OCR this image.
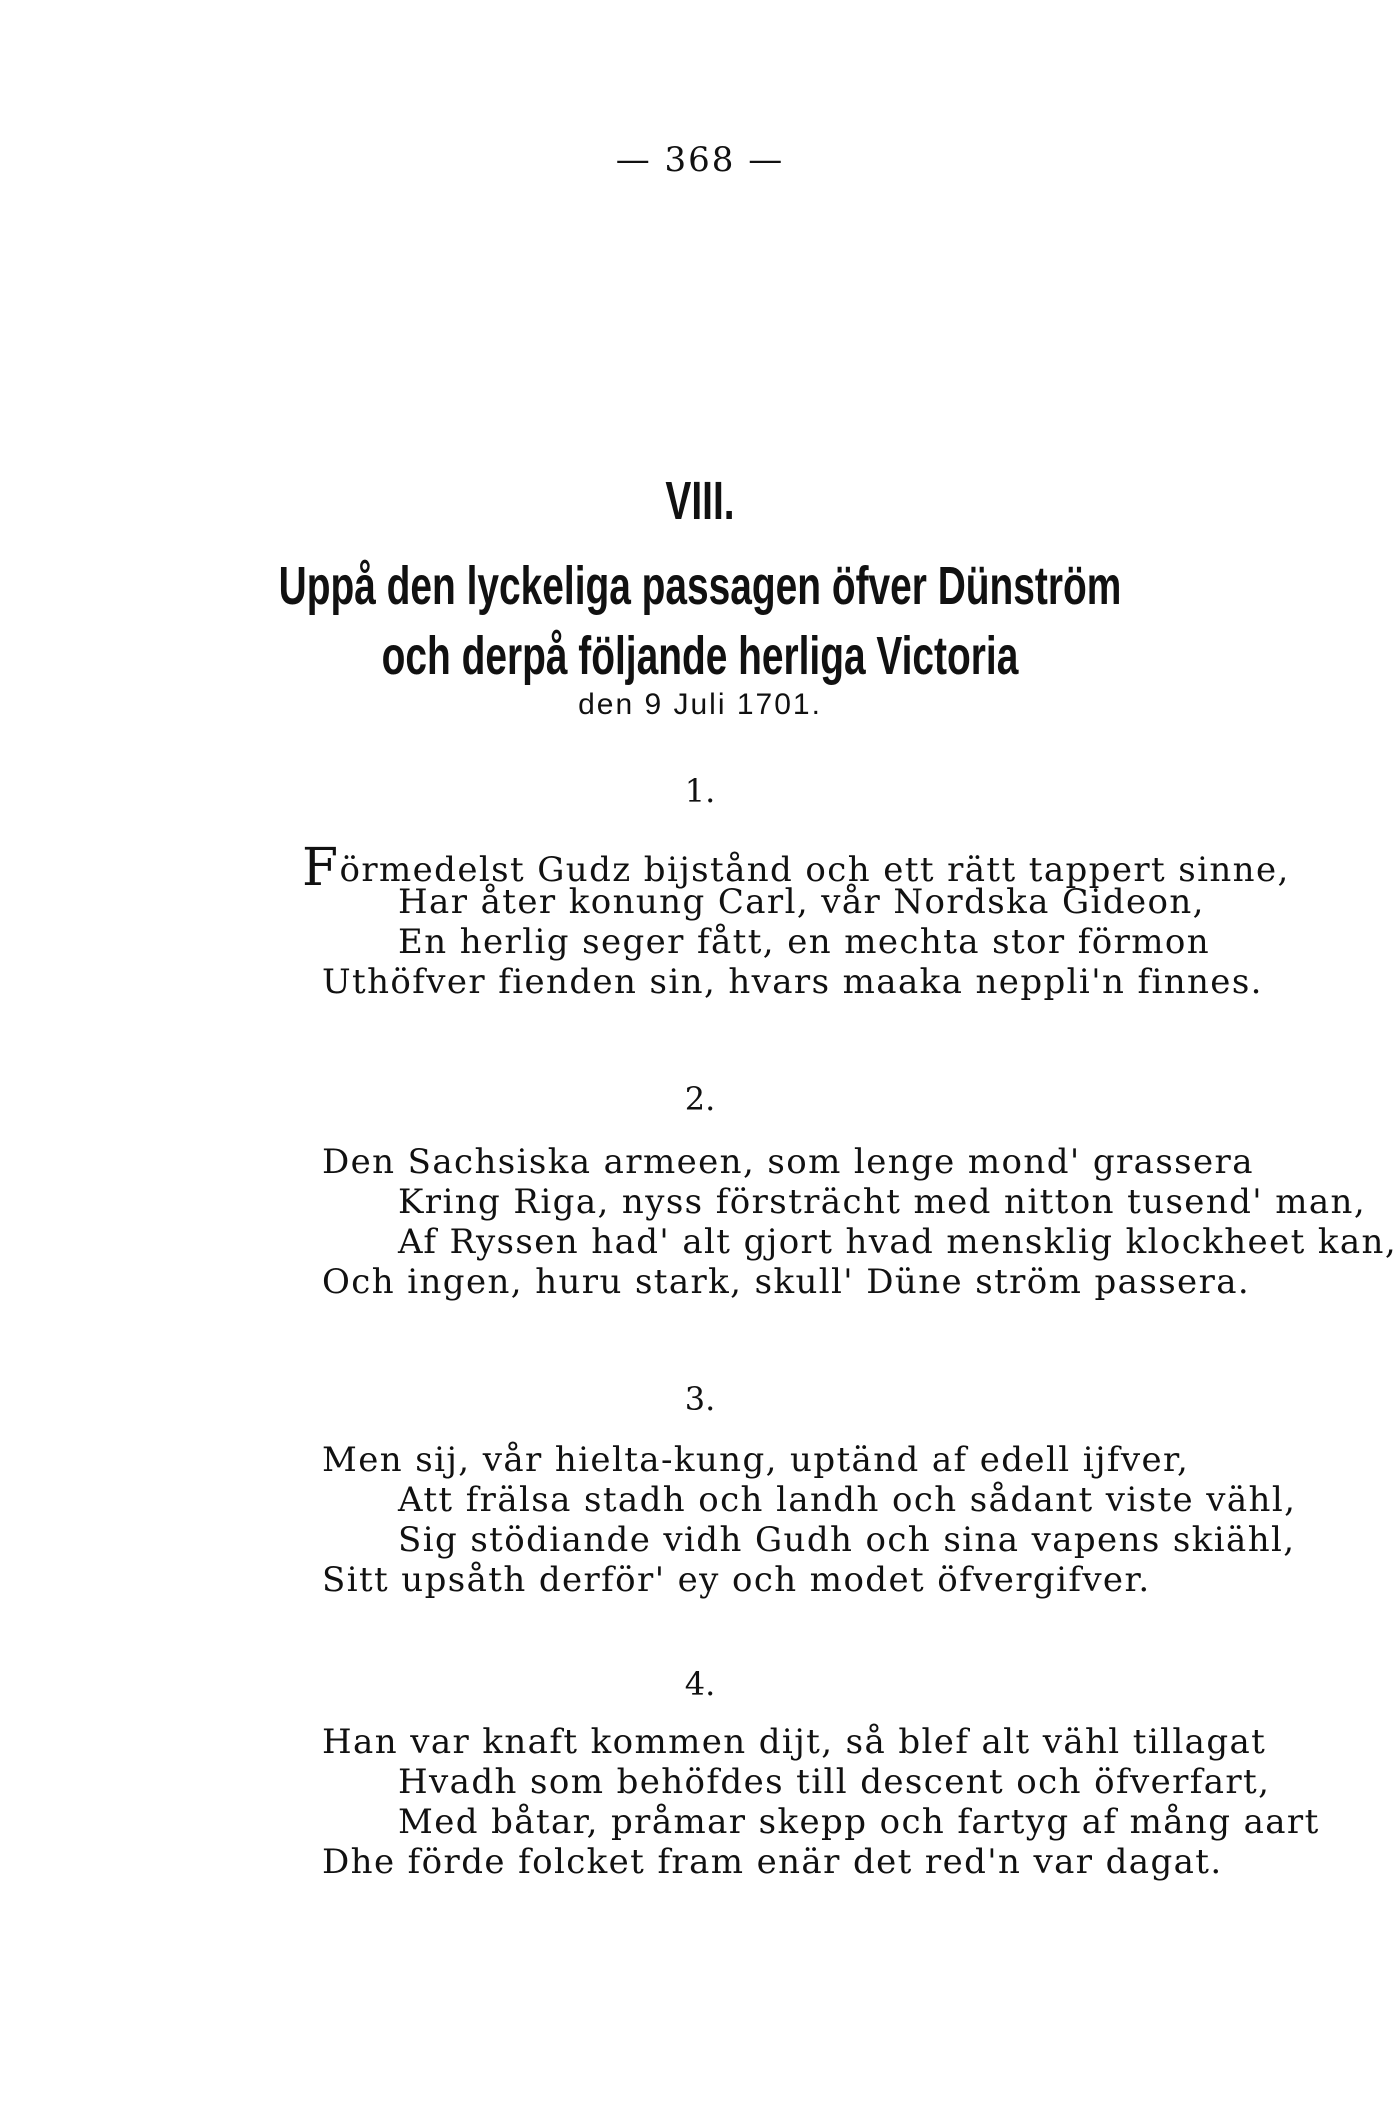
— 368 —
VIII.
Uppå den lyckeliga passagen öfver Dünström
och derpå följande herliga Victoria
den 9 Juli 1701.
1.
Förmedelst Gudz bijstånd och ett rätt tappert sinne,
Har åter konung Carl, vår Nordska Gideon,
En herlig seger fått, en mechta stor förmon
Uthöfver fienden sin, hvars maaka neppli'n finnes.
2.
Den Sachsiska armeen, som lenge mond' grassera
Kring Riga, nyss försträcht med nitton tusend' man,
Af Ryssen had' alt gjort hvad mensklig klockheet kan,
Och ingen, huru stark, skull' Düne ström passera.
3.
Men sij, vår hielta-kung, uptänd af edell ijfver,
Att frälsa stadh och landh och sådant viste vähl,
Sig stödiande vidh Gudh och sina vapens skiähl,
Sitt upsåth derför' ey och modet öfvergifver.
4.
Han var knaft kommen dijt, så blef alt vähl tillagat
Hvadh som behöfdes till descent och öfverfart,
Med båtar, pråmar skepp och fartyg af mång aart
Dhe förde folcket fram enär det red'n var dagat.
